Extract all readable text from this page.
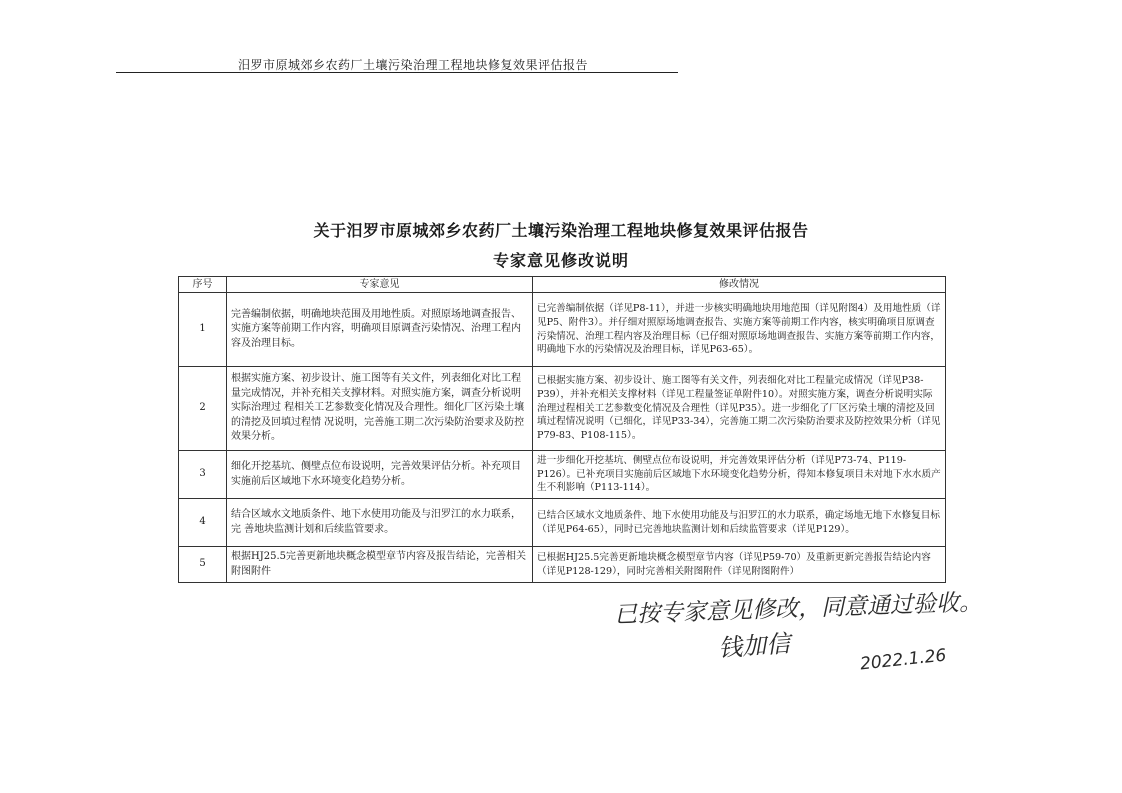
汨罗市原城郊乡农药厂土壤污染治理工程地块修复效果评估报告
关于汨罗市原城郊乡农药厂土壤污染治理工程地块修复效果评估报告
专家意见修改说明
序号	专家意见	修改情况
1	完善编制依据，明确地块范围及用地性质。对照原场地调查报告、实施方案等前期工作内容，明确项目原调查污染情况、治理工程内容及治理目标。	已完善编制依据（详见P8-11），并进一步核实明确地块用地范围（详见附图4）及用地性质（详见P5、附件3）。并仔细对照原场地调查报告、实施方案等前期工作内容，核实明确项目原调查污染情况、治理工程内容及治理目标（已仔细对照原场地调查报告、实施方案等前期工作内容，明确地下水的污染情况及治理目标，详见P63-65）。
2	根据实施方案、初步设计、施工图等有关文件，列表细化对比工程量完成情况，并补充相关支撑材料。对照实施方案，调查分析说明实际治理过 程相关工艺参数变化情况及合理性。细化厂区污染土壤的清挖及回填过程情 况说明，完善施工期二次污染防治要求及防控效果分析。	已根据实施方案、初步设计、施工图等有关文件，列表细化对比工程量完成情况（详见P38-P39），并补充相关支撑材料（详见工程量签证单附件10）。对照实施方案，调查分析说明实际治理过程相关工艺参数变化情况及合理性（详见P35）。进一步细化了厂区污染土壤的清挖及回填过程情况说明（已细化，详见P33-34），完善施工期二次污染防治要求及防控效果分析（详见P79-83、P108-115）。
3	细化开挖基坑、侧壁点位布设说明，完善效果评估分析。补充项目实施前后区域地下水环境变化趋势分析。	进一步细化开挖基坑、侧壁点位布设说明，并完善效果评估分析（详见P73-74、P119-P126）。已补充项目实施前后区域地下水环境变化趋势分析，得知本修复项目未对地下水水质产生不利影响（P113-114）。
4	结合区域水文地质条件、地下水使用功能及与汨罗江的水力联系，完 善地块监测计划和后续监管要求。	已结合区域水文地质条件、地下水使用功能及与汨罗江的水力联系，确定场地无地下水修复目标（详见P64-65），同时已完善地块监测计划和后续监管要求（详见P129）。
5	根据HJ25.5完善更新地块概念模型章节内容及报告结论，完善相关附图附件	已根据HJ25.5完善更新地块概念模型章节内容（详见P59-70）及重新更新完善报告结论内容（详见P128-129），同时完善相关附图附件（详见附图附件）
已按专家意见修改，同意通过验收。
钱加信	2022.1.26
